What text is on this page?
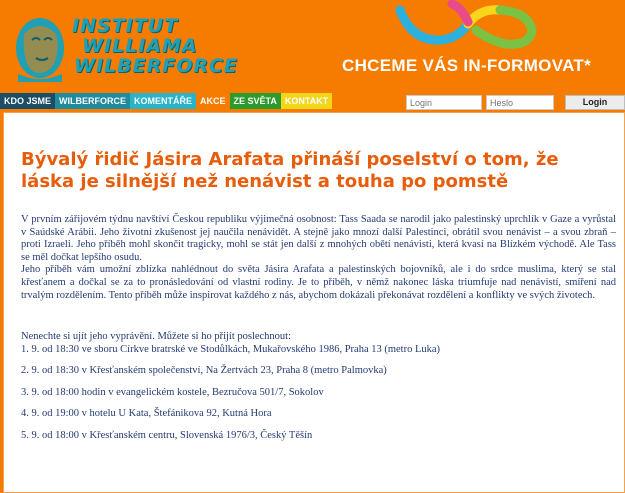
INSTITUT
WILLIAMA
WILBERFORCE	CHCEME VÁS IN-FORMOVAT*
KDO JSME WILBERFORCE KOMENTÁŘE AKCE ZE SVĚTA KONTAKT
Login	Login
Bývalý řidič Jásira Arafata přináší poselství o tom, že láska je silnější než nenávist a touha po pomstě

V prvním zářijovém týdnu navštíví Českou republiku výjimečná osobnost: Tass Saada se narodil jako palestinský uprchlík v Gaze a vyrůstal v Saúdské Arábii. Jeho životní zkušenost jej naučila nenávidět. A stejně jako mnozí další Palestinci, obrátil svou nenávist – a svou zbraň – proti Izraeli. Jeho příběh mohl skončit tragicky, mohl se stát jen další z mnohých obětí nenávisti, která kvasí na Blízkém východě. Ale Tass se měl dočkat lepšího osudu.

Jeho příběh vám umožní zblízka nahlédnout do světa Jásira Arafata a palestinských bojovníků, ale i do srdce muslima, který se stal křesťanem a dočkal se za to pronásledování od vlastní rodiny. Je to příběh, v němž nakonec láska triumfuje nad nenávistí, smíření nad trvalým rozdělením. Tento příběh může inspirovat každého z nás, abychom dokázali překonávat rozdělení a konflikty ve svých životech.

Nenechte si ujít jeho vyprávění. Můžete si ho přijít poslechnout:

1. 9. od 18:30 ve sboru Církve bratrské ve Stodůlkách, Mukařovského 1986, Praha 13 (metro Luka)
2. 9. od 18:30 v Křesťanském společenství, Na Žertvách 23, Praha 8 (metro Palmovka)
3. 9. od 18:00 hodin v evangelickém kostele, Bezručova 501/7, Sokolov
4. 9. od 19:00 v hotelu U Kata, Štefánikova 92, Kutná Hora
5. 9. od 18:00 v Křesťanském centru, Slovenská 1976/3, Český Těšín
